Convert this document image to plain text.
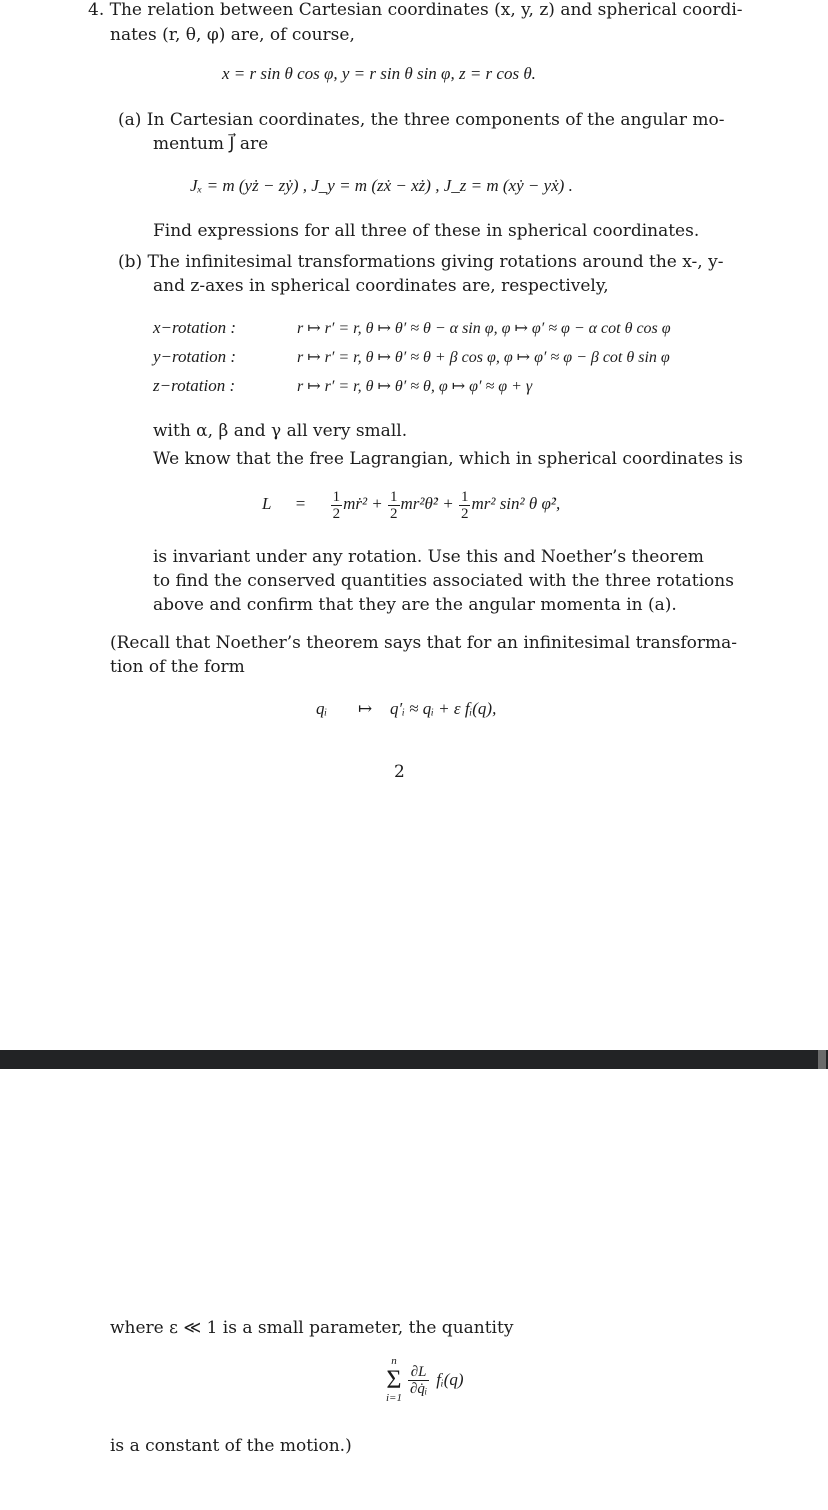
4. The relation between Cartesian coordinates (x, y, z) and spherical coordi-
nates (r, θ, φ) are, of course,
x = r sin θ cos φ, y = r sin θ sin φ, z = r cos θ.
(a) In Cartesian coordinates, the three components of the angular mo-
mentum J⃗ are
Jₓ = m (yż − zẏ) , J_y = m (zẋ − xż) , J_z = m (xẏ − yẋ) .
Find expressions for all three of these in spherical coordinates.
(b) The infinitesimal transformations giving rotations around the x-, y-
and z-axes in spherical coordinates are, respectively,
x−rotation :	r ↦ r′ = r, θ ↦ θ′ ≈ θ − α sin φ, φ ↦ φ′ ≈ φ − α cot θ cos φ
y−rotation :	r ↦ r′ = r, θ ↦ θ′ ≈ θ + β cos φ, φ ↦ φ′ ≈ φ − β cot θ sin φ
z−rotation :	r ↦ r′ = r, θ ↦ θ′ ≈ θ, φ ↦ φ′ ≈ φ + γ
with α, β and γ all very small.
We know that the free Lagrangian, which in spherical coordinates is
$L = \frac{1}{2}$ mṙ² + $\frac{1}{2}$ mr²θ̇² + $\frac{1}{2} mr^2$ sin² θ φ̇²,
is invariant under any rotation. Use this and Noether’s theorem
to find the conserved quantities associated with the three rotations
above and confirm that they are the angular momenta in (a).
(Recall that Noether’s theorem says that for an infinitesimal transforma-
tion of the form
qᵢ ↦ q′ᵢ ≈ qᵢ + ε fᵢ(q),
2
where ε ≪ 1 is a small parameter, the quantity
n
Σ
i=1
$\frac{\partial L}{\text{∂q̇ᵢ}}$ fᵢ(q)
is a constant of the motion.)
